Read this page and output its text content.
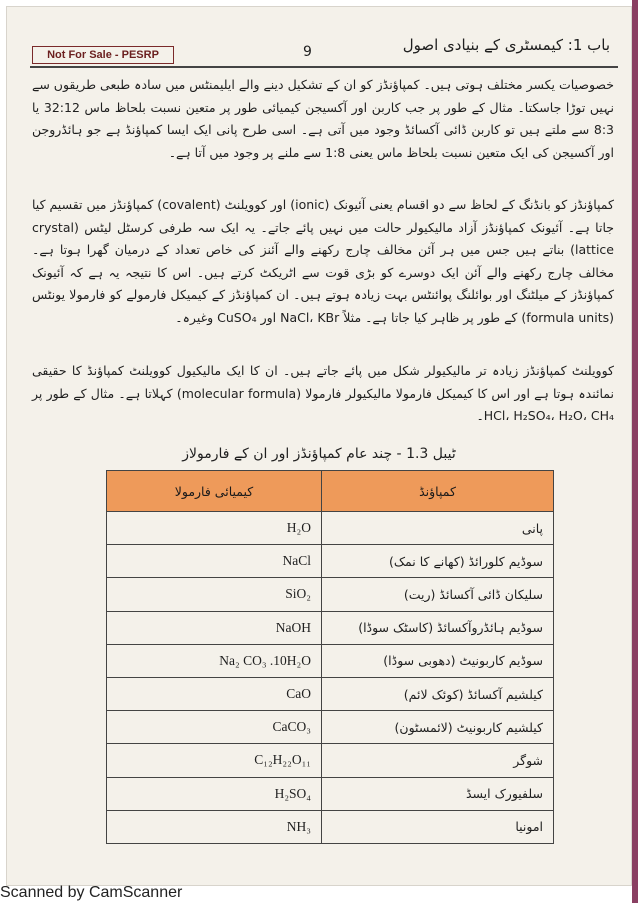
باب 1: کیمسٹری کے بنیادی اصول
9
Not For Sale - PESRP

خصوصیات یکسر مختلف ہوتی ہیں۔ کمپاؤنڈز کو ان کے تشکیل دینے والے ایلیمنٹس میں سادہ طبعی طریقوں سے نہیں توڑا جاسکتا۔ مثال کے طور پر جب کاربن اور آکسیجن کیمیائی طور پر متعین نسبت بلحاظ ماس 32:12 یا 8:3 سے ملتے ہیں تو کاربن ڈائی آکسائڈ وجود میں آتی ہے۔ اسی طرح پانی ایک ایسا کمپاؤنڈ ہے جو ہائڈروجن اور آکسیجن کی ایک متعین نسبت بلحاظ ماس یعنی 1:8 سے ملنے پر وجود میں آتا ہے۔

کمپاؤنڈز کو بانڈنگ کے لحاظ سے دو اقسام یعنی آئیونک (ionic) اور کوویلنٹ (covalent) کمپاؤنڈز میں تقسیم کیا جاتا ہے۔ آئیونک کمپاؤنڈز آزاد مالیکیولر حالت میں نہیں پائے جاتے۔ یہ ایک سہ طرفی کرسٹل لیٹس (crystal lattice) بناتے ہیں جس میں ہر آئن مخالف چارج رکھنے والے آئنز کی خاص تعداد کے درمیان گھرا ہوتا ہے۔ مخالف چارج رکھنے والے آئن ایک دوسرے کو بڑی قوت سے اٹریکٹ کرتے ہیں۔ اس کا نتیجہ یہ ہے کہ آئیونک کمپاؤنڈز کے میلٹنگ اور بوائلنگ پوائنٹس بہت زیادہ ہوتے ہیں۔ ان کمپاؤنڈز کے کیمیکل فارمولے کو فارمولا یونٹس (formula units) کے طور پر ظاہر کیا جاتا ہے۔ مثلاً NaCl، KBr اور CuSO₄ وغیرہ۔

کوویلنٹ کمپاؤنڈز زیادہ تر مالیکیولر شکل میں پائے جاتے ہیں۔ ان کا ایک مالیکیول کوویلنٹ کمپاؤنڈ کا حقیقی نمائندہ ہوتا ہے اور اس کا کیمیکل فارمولا مالیکیولر فارمولا (molecular formula) کہلاتا ہے۔ مثال کے طور پر HCl، H₂SO₄، H₂O، CH₄۔

ٹیبل 1.3 - چند عام کمپاؤنڈز اور ان کے فارمولاز
کیمیائی فارمولا	کمپاؤنڈ
H₂O	پانی
NaCl	سوڈیم کلورائڈ (کھانے کا نمک)
SiO₂	سلیکان ڈائی آکسائڈ (ریت)
NaOH	سوڈیم ہائڈروآکسائڈ (کاسٹک سوڈا)
Na₂ CO₃ .10H₂O	سوڈیم کاربونیٹ (دھوبی سوڈا)
CaO	کیلشیم آکسائڈ (کوئک لائم)
CaCO₃	کیلشیم کاربونیٹ (لائمسٹون)
C₁₂H₂₂O₁₁	شوگر
H₂SO₄	سلفیورک ایسڈ
NH₃	امونیا
Scanned by CamScanner
